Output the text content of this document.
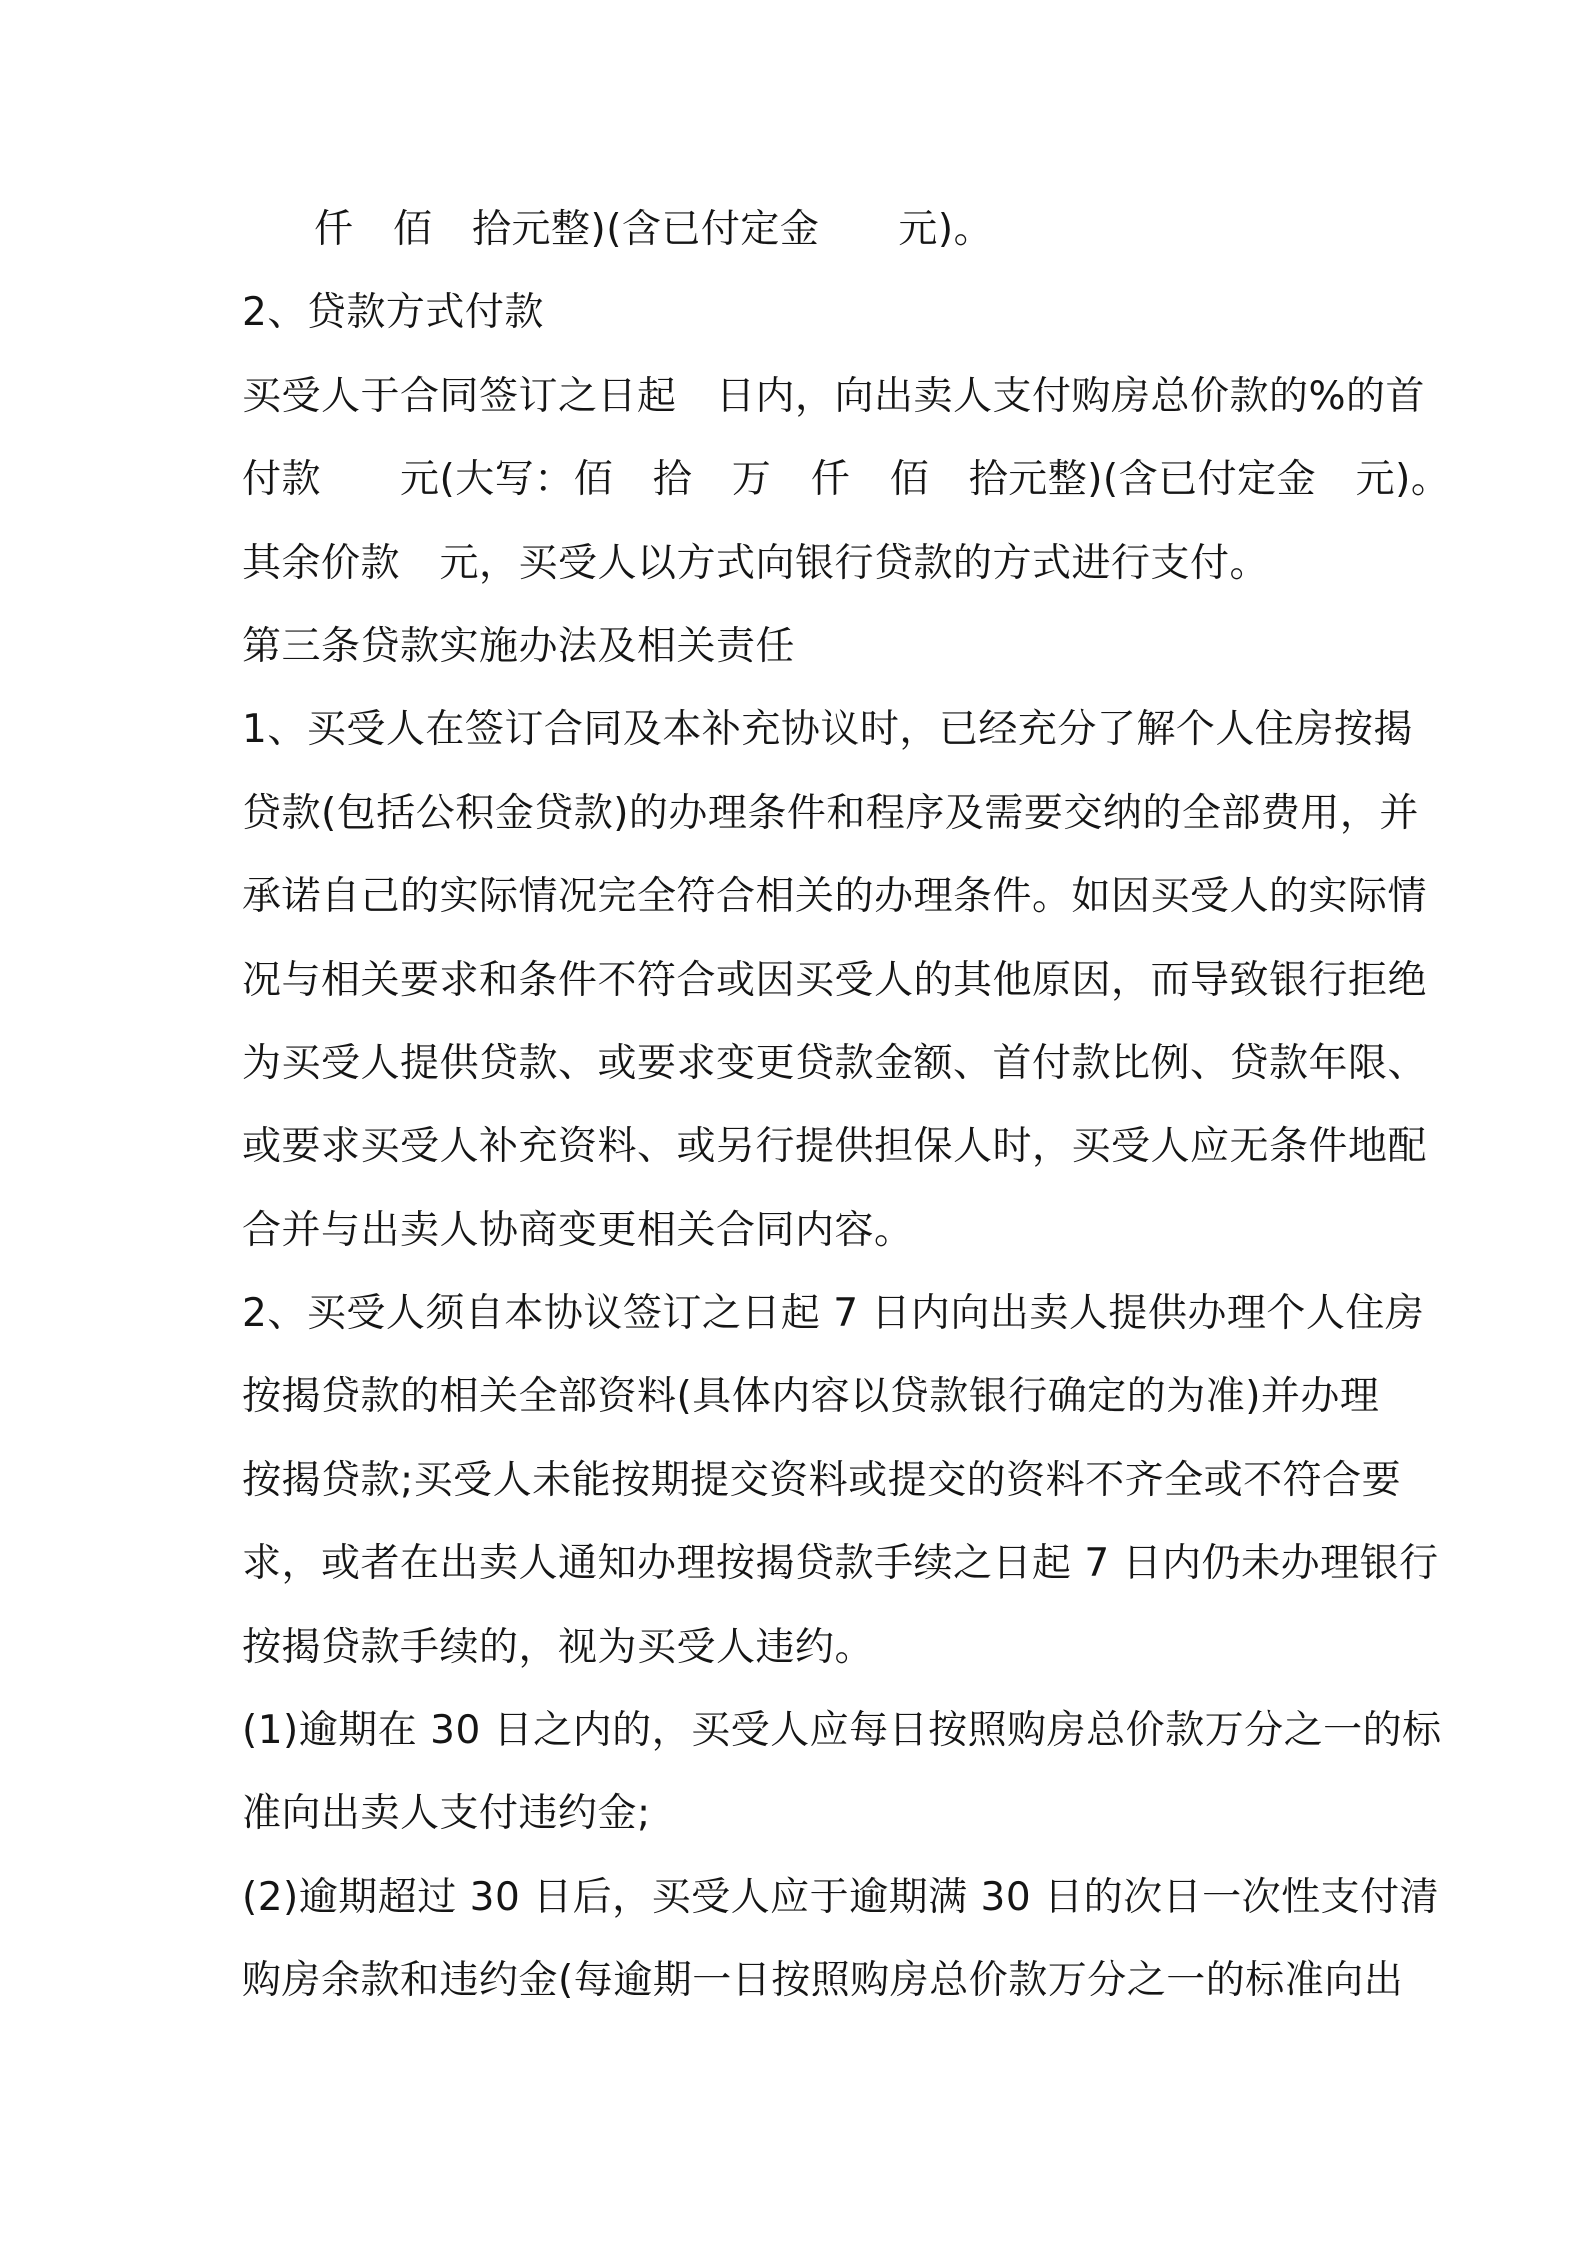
仟　佰　拾元整)(含已付定金　　元)。
2、贷款方式付款
买受人于合同签订之日起　日内，向出卖人支付购房总价款的%的首
付款　　元(大写：佰　拾　万　仟　佰　拾元整)(含已付定金　元)。
其余价款　元，买受人以方式向银行贷款的方式进行支付。
第三条贷款实施办法及相关责任
1、买受人在签订合同及本补充协议时，已经充分了解个人住房按揭
贷款(包括公积金贷款)的办理条件和程序及需要交纳的全部费用，并
承诺自己的实际情况完全符合相关的办理条件。如因买受人的实际情
况与相关要求和条件不符合或因买受人的其他原因，而导致银行拒绝
为买受人提供贷款、或要求变更贷款金额、首付款比例、贷款年限、
或要求买受人补充资料、或另行提供担保人时，买受人应无条件地配
合并与出卖人协商变更相关合同内容。
2、买受人须自本协议签订之日起 7 日内向出卖人提供办理个人住房
按揭贷款的相关全部资料(具体内容以贷款银行确定的为准)并办理
按揭贷款;买受人未能按期提交资料或提交的资料不齐全或不符合要
求，或者在出卖人通知办理按揭贷款手续之日起 7 日内仍未办理银行
按揭贷款手续的，视为买受人违约。
(1)逾期在 30 日之内的，买受人应每日按照购房总价款万分之一的标
准向出卖人支付违约金;
(2)逾期超过 30 日后，买受人应于逾期满 30 日的次日一次性支付清
购房余款和违约金(每逾期一日按照购房总价款万分之一的标准向出
